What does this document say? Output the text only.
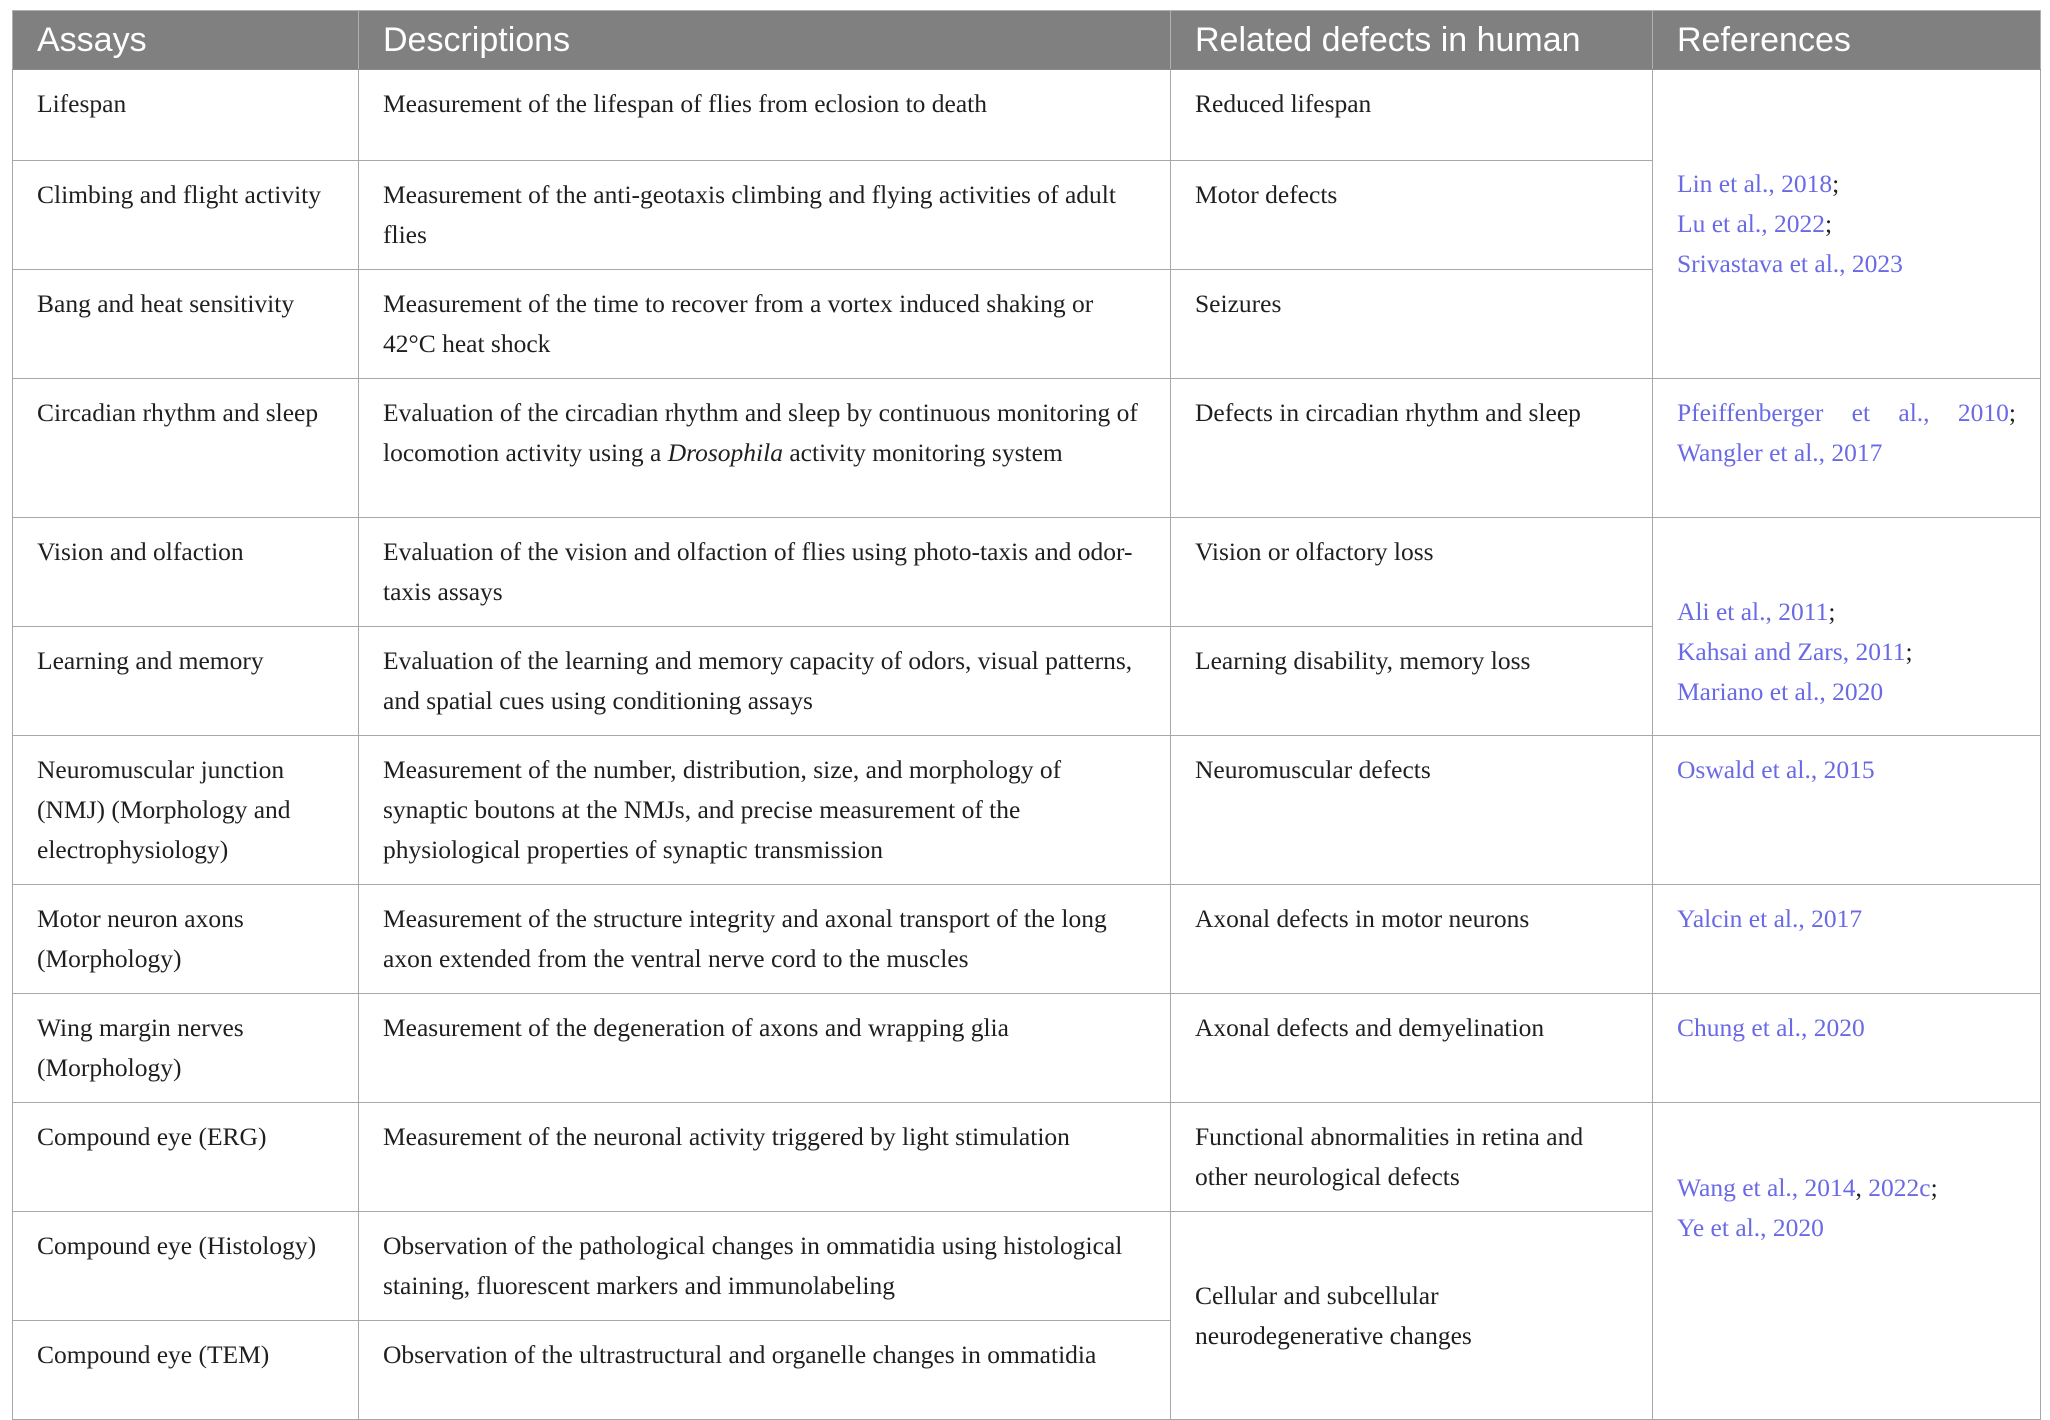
Assays	Descriptions	Related defects in human	References
Lifespan	Measurement of the lifespan of flies from eclosion to death	Reduced lifespan	Lin et al., 2018;
Lu et al., 2022;
Srivastava et al., 2023

Climbing and flight activity	Measurement of the anti-geotaxis climbing and flying activities of adult flies	Motor defects	
Bang and heat sensitivity	Measurement of the time to recover from a vortex induced shaking or 42°C heat shock	Seizures	
Circadian rhythm and sleep	Evaluation of the circadian rhythm and sleep by continuous monitoring of locomotion activity using a Drosophila activity monitoring system	Defects in circadian rhythm and sleep	Pfeiffenberger et al., 2010;
Wangler et al., 2017

Vision and olfaction	Evaluation of the vision and olfaction of flies using photo-taxis and odor-taxis assays	Vision or olfactory loss	Ali et al., 2011;
Kahsai and Zars, 2011;
Mariano et al., 2020

Learning and memory	Evaluation of the learning and memory capacity of odors, visual patterns, and spatial cues using conditioning assays	Learning disability, memory loss	
Neuromuscular junction (NMJ) (Morphology and electrophysiology)	Measurement of the number, distribution, size, and morphology of synaptic boutons at the NMJs, and precise measurement of the physiological properties of synaptic transmission	Neuromuscular defects	Oswald et al., 2015
Motor neuron axons (Morphology)	Measurement of the structure integrity and axonal transport of the long axon extended from the ventral nerve cord to the muscles	Axonal defects in motor neurons	Yalcin et al., 2017
Wing margin nerves (Morphology)	Measurement of the degeneration of axons and wrapping glia	Axonal defects and demyelination	Chung et al., 2020
Compound eye (ERG)	Measurement of the neuronal activity triggered by light stimulation	Functional abnormalities in retina and other neurological defects	Wang et al., 2014, 2022c;
Ye et al., 2020

Compound eye (Histology)	Observation of the pathological changes in ommatidia using histological staining, fluorescent markers and immunolabeling	Cellular and subcellular neurodegenerative changes	
Compound eye (TEM)	Observation of the ultrastructural and organelle changes in ommatidia		
